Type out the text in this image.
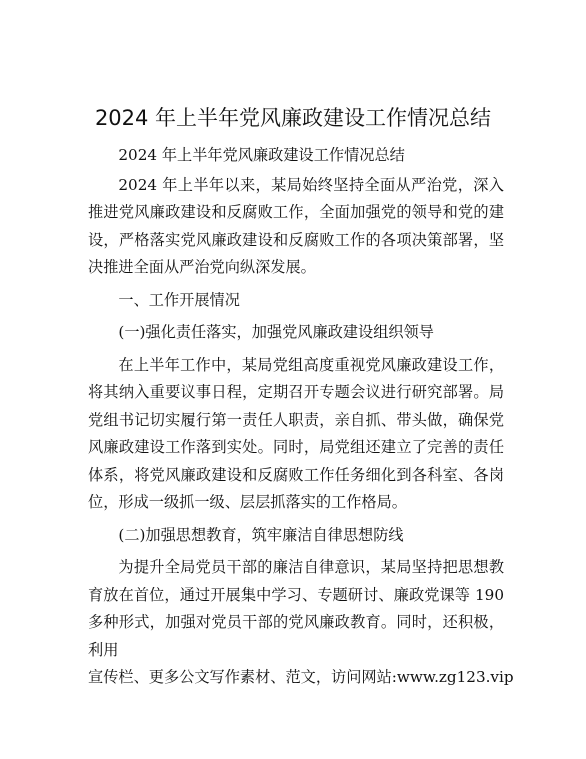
2024 年上半年党风廉政建设工作情况总结

2024 年上半年党风廉政建设工作情况总结

2024 年上半年以来，某局始终坚持全面从严治党，深入推进党风廉政建设和反腐败工作，全面加强党的领导和党的建设，严格落实党风廉政建设和反腐败工作的各项决策部署，坚决推进全面从严治党向纵深发展。

一、工作开展情况

(一)强化责任落实，加强党风廉政建设组织领导

在上半年工作中，某局党组高度重视党风廉政建设工作，将其纳入重要议事日程，定期召开专题会议进行研究部署。局党组书记切实履行第一责任人职责，亲自抓、带头做，确保党风廉政建设工作落到实处。同时，局党组还建立了完善的责任体系，将党风廉政建设和反腐败工作任务细化到各科室、各岗位，形成一级抓一级、层层抓落实的工作格局。

(二)加强思想教育，筑牢廉洁自律思想防线

为提升全局党员干部的廉洁自律意识，某局坚持把思想教育放在首位，通过开展集中学习、专题研讨、廉政党课等 190 多种形式，加强对党员干部的党风廉政教育。同时，还积极，利用

宣传栏、更多公文写作素材、范文，访问网站:www.zg123.vip
